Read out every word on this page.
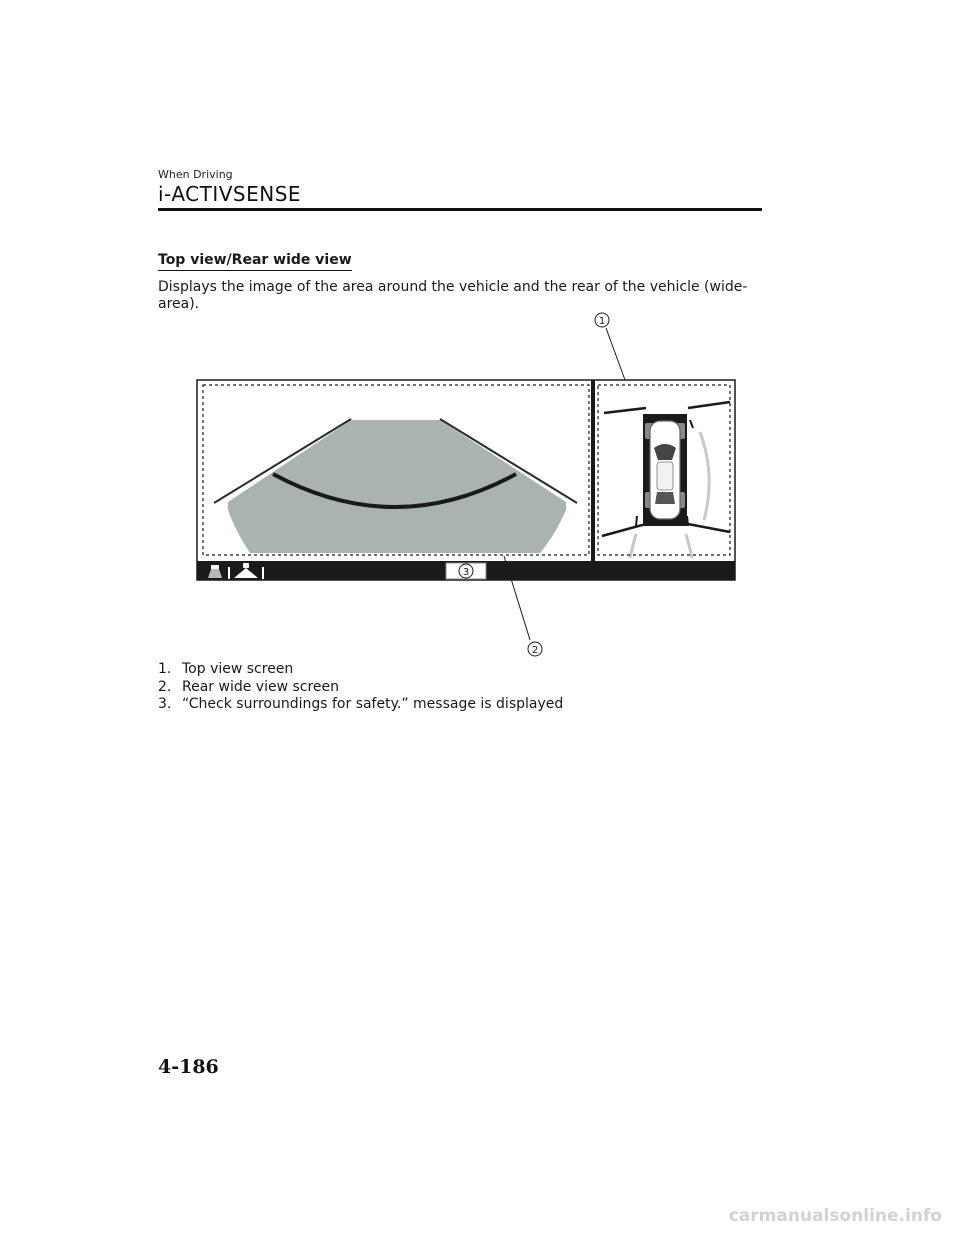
When Driving
i-ACTIVSENSE
Top view/Rear wide view

Displays the image of the area around the vehicle and the rear of the vehicle (wide-area).

1
2
3
1. Top view screen
2. Rear wide view screen
3. “Check surroundings for safety.” message is displayed
4-186
carmanualsonline.info
